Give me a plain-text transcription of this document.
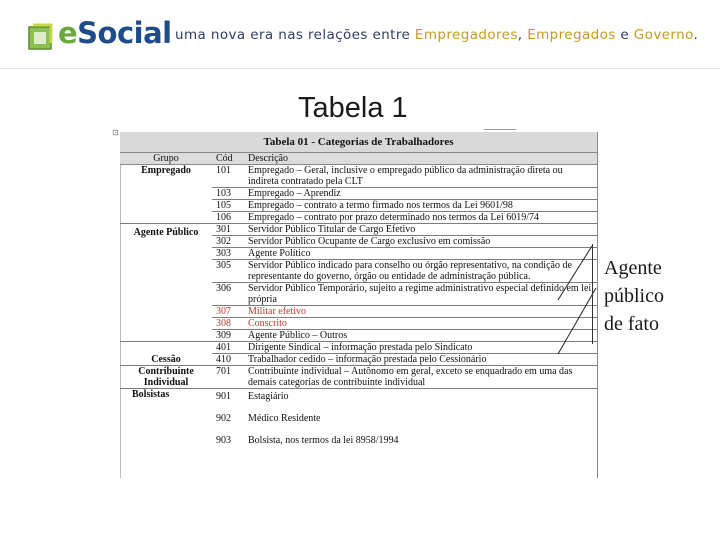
eSocial uma nova era nas relações entre Empregadores, Empregados e Governo.
Tabela 1
⊡
Tabela 01 - Categorias de Trabalhadores		
Grupo	Cód	Descrição
Empregado	101	Empregado – Geral, inclusive o empregado público da administração direta ou indireta contratado pela CLT
	103	Empregado – Aprendiz
	105	Empregado – contrato a termo firmado nos termos da Lei 9601/98
	106	Empregado – contrato por prazo determinado nos termos da Lei 6019/74
Agente Público	301	Servidor Público Titular de Cargo Efetivo
	302	Servidor Público Ocupante de Cargo exclusivo em comissão
	303	Agente Político
	305	Servidor Público indicado para conselho ou órgão representativo, na condição de representante do governo, órgão ou entidade de administração pública.
	306	Servidor Público Temporário, sujeito a regime administrativo especial definido em lei própria
	307	Militar efetivo
	308	Conscrito
	309	Agente Público – Outros
Cessão	401	Dirigente Sindical – informação prestada pelo Sindicato
	410	Trabalhador cedido – informação prestada pelo Cessionário
Contribuinte Individual	701	Contribuinte individual – Autônomo em geral, exceto se enquadrado em uma das demais categorias de contribuinte individual
Bolsistas	901	Estagiário
	902	Médico Residente
	903	Bolsista, nos termos da lei 8958/1994
Agente
público
de fato
